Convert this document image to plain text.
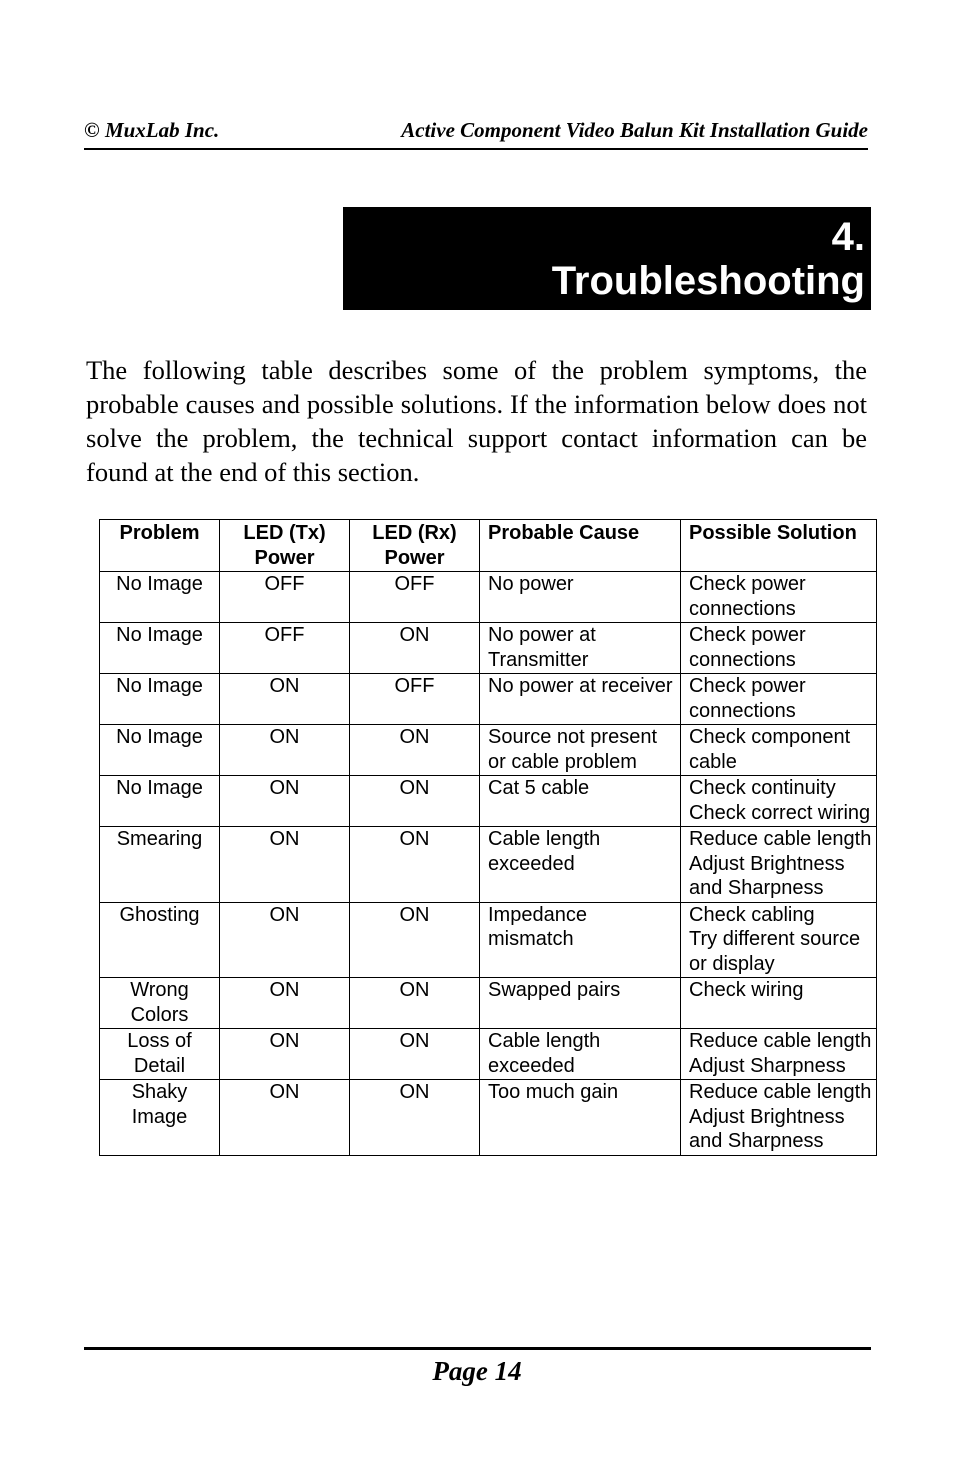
© MuxLab Inc.	Active Component Video Balun Kit Installation Guide
4.
Troubleshooting

The following table describes some of the problem symptoms, the probable causes and possible solutions. If the information below does not solve the problem, the technical support contact information can be found at the end of this section.

Problem	LED (Tx) Power	LED (Rx) Power	Probable Cause	Possible Solution
No Image	OFF	OFF	No power	Check power connections

No Image	OFF	ON	No power at Transmitter	Check power connections

No Image	ON	OFF	No power at receiver	Check power connections

No Image	ON	ON	Source not present or cable problem	Check component cable

No Image	ON	ON	Cat 5 cable	Check continuity
Check correct wiring

Smearing	ON	ON	Cable length exceeded	Reduce cable length
Adjust Brightness and Sharpness

Ghosting	ON	ON	Impedance mismatch	Check cabling
Try different source or display

Wrong Colors	ON	ON	Swapped pairs	Check wiring

Loss of Detail	ON	ON	Cable length exceeded	Reduce cable length
Adjust Sharpness

Shaky Image	ON	ON	Too much gain	Reduce cable length
Adjust Brightness and Sharpness
Page 14
